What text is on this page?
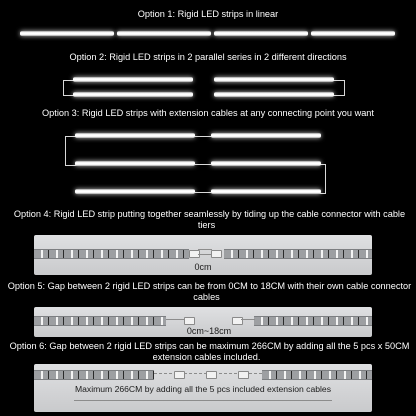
Option 1: Rigid LED strips in linear
Option 2: Rigid LED strips in 2 parallel series in 2 different directions
Option 3: Rigid LED strips with extension cables at any connecting point you want
Option 4: Rigid LED strip putting together seamlessly by tiding up the cable connector with cable tiers
0cm
Option 5: Gap between 2 rigid LED strips can be from 0CM to 18CM with their own cable connector cables
0cm~18cm
Option 6: Gap between 2 rigid LED strips can be maximum 266CM by adding all the 5 pcs x 50CM extension cables included.
Maximum 266CM by adding all the 5 pcs included extension cables
